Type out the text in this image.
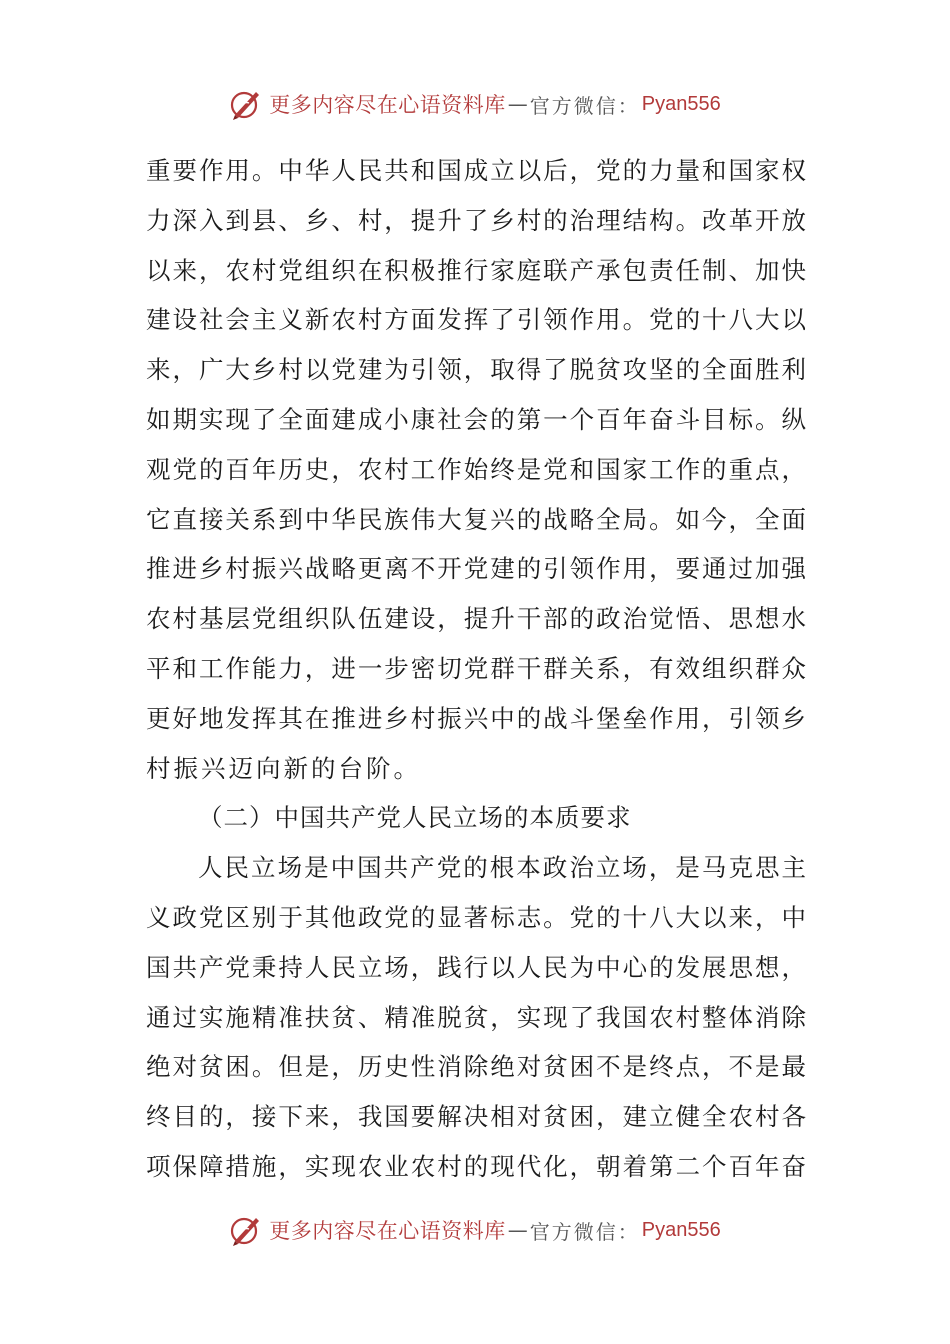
更多内容尽在心语资料库 — 官方微信： Pyan556
重要作用。中华人民共和国成立以后，党的力量和国家权
力深入到县、乡、村，提升了乡村的治理结构。改革开放
以来，农村党组织在积极推行家庭联产承包责任制、加快
建设社会主义新农村方面发挥了引领作用。党的十八大以
来，广大乡村以党建为引领，取得了脱贫攻坚的全面胜利
如期实现了全面建成小康社会的第一个百年奋斗目标。纵
观党的百年历史，农村工作始终是党和国家工作的重点，
它直接关系到中华民族伟大复兴的战略全局。如今，全面
推进乡村振兴战略更离不开党建的引领作用，要通过加强
农村基层党组织队伍建设，提升干部的政治觉悟、思想水
平和工作能力，进一步密切党群干群关系，有效组织群众
更好地发挥其在推进乡村振兴中的战斗堡垒作用，引领乡
村振兴迈向新的台阶。
（二）中国共产党人民立场的本质要求
人民立场是中国共产党的根本政治立场，是马克思主
义政党区别于其他政党的显著标志。党的十八大以来，中
国共产党秉持人民立场，践行以人民为中心的发展思想，
通过实施精准扶贫、精准脱贫，实现了我国农村整体消除
绝对贫困。但是，历史性消除绝对贫困不是终点，不是最
终目的，接下来，我国要解决相对贫困，建立健全农村各
项保障措施，实现农业农村的现代化，朝着第二个百年奋
更多内容尽在心语资料库 — 官方微信： Pyan556
